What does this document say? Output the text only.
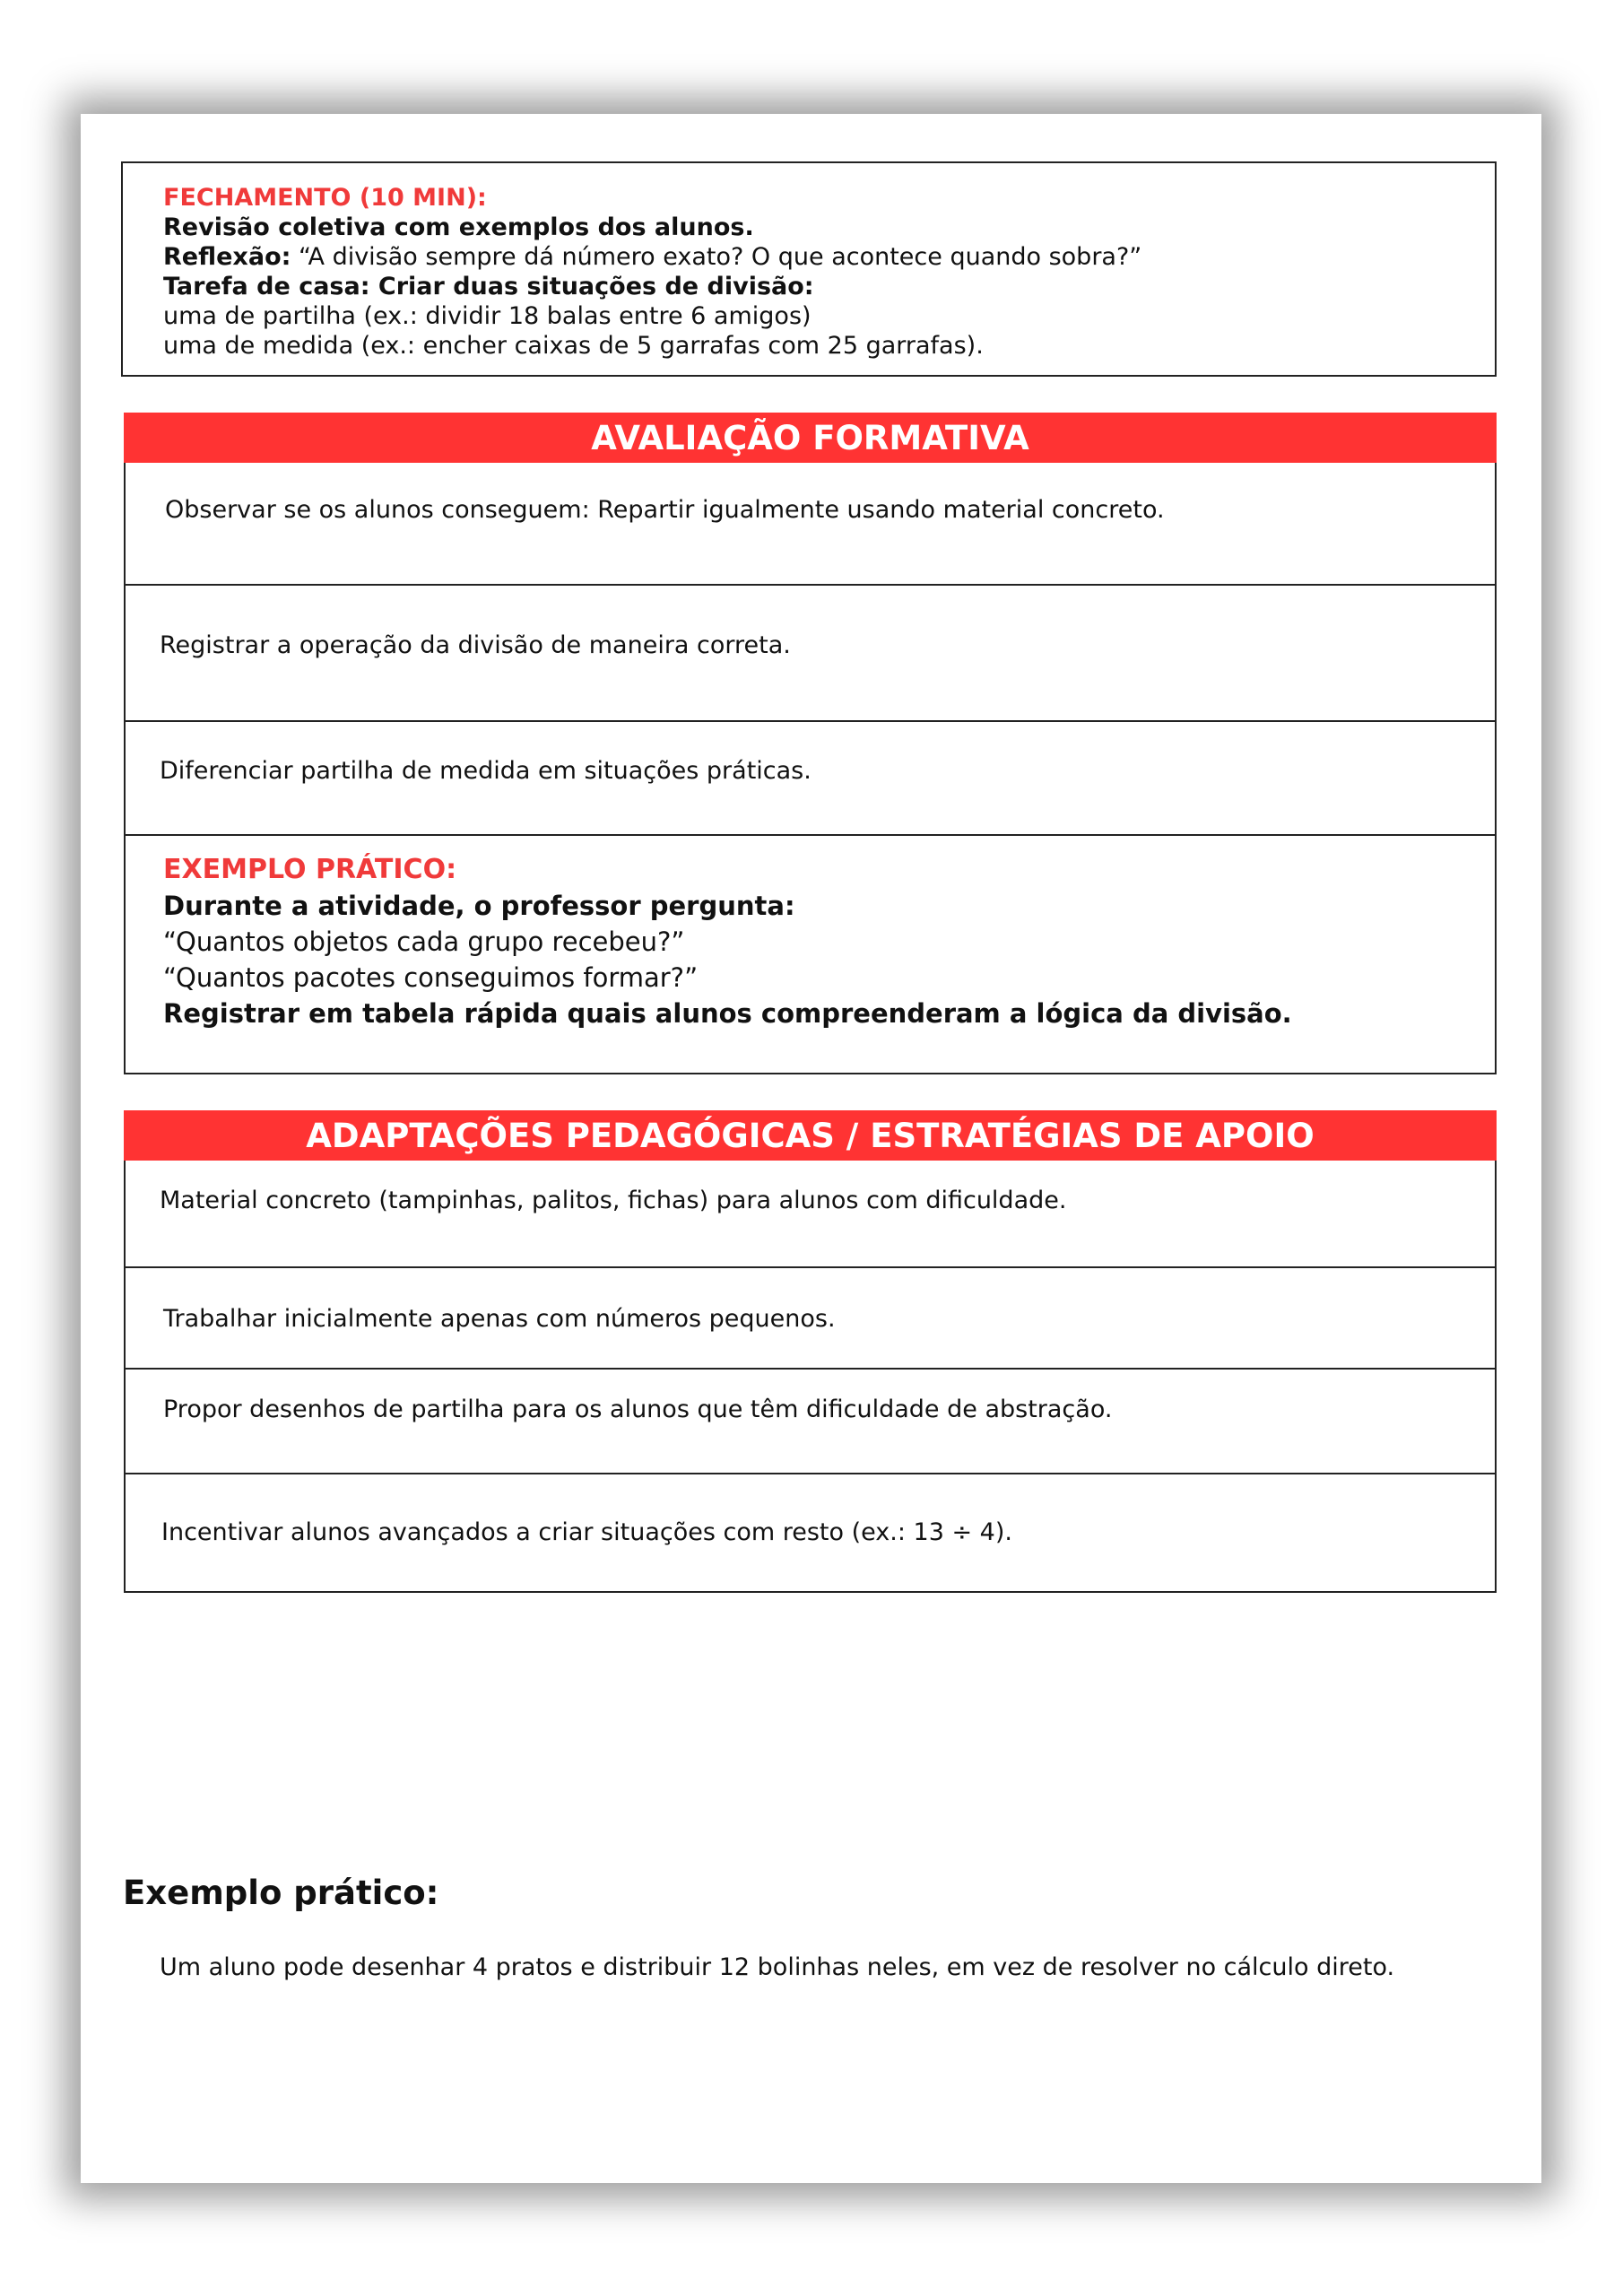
FECHAMENTO (10 MIN):
Revisão coletiva com exemplos dos alunos.
Reflexão: “A divisão sempre dá número exato? O que acontece quando sobra?”
Tarefa de casa: Criar duas situações de divisão:
uma de partilha (ex.: dividir 18 balas entre 6 amigos)
uma de medida (ex.: encher caixas de 5 garrafas com 25 garrafas).
AVALIAÇÃO FORMATIVA
Observar se os alunos conseguem: Repartir igualmente usando material concreto.
Registrar a operação da divisão de maneira correta.
Diferenciar partilha de medida em situações práticas.
EXEMPLO PRÁTICO:
Durante a atividade, o professor pergunta:
“Quantos objetos cada grupo recebeu?”
“Quantos pacotes conseguimos formar?”
Registrar em tabela rápida quais alunos compreenderam a lógica da divisão.
ADAPTAÇÕES PEDAGÓGICAS / ESTRATÉGIAS DE APOIO
Material concreto (tampinhas, palitos, fichas) para alunos com dificuldade.
Trabalhar inicialmente apenas com números pequenos.
Propor desenhos de partilha para os alunos que têm dificuldade de abstração.
Incentivar alunos avançados a criar situações com resto (ex.: 13 ÷ 4).
Exemplo prático:
Um aluno pode desenhar 4 pratos e distribuir 12 bolinhas neles, em vez de resolver no cálculo direto.
